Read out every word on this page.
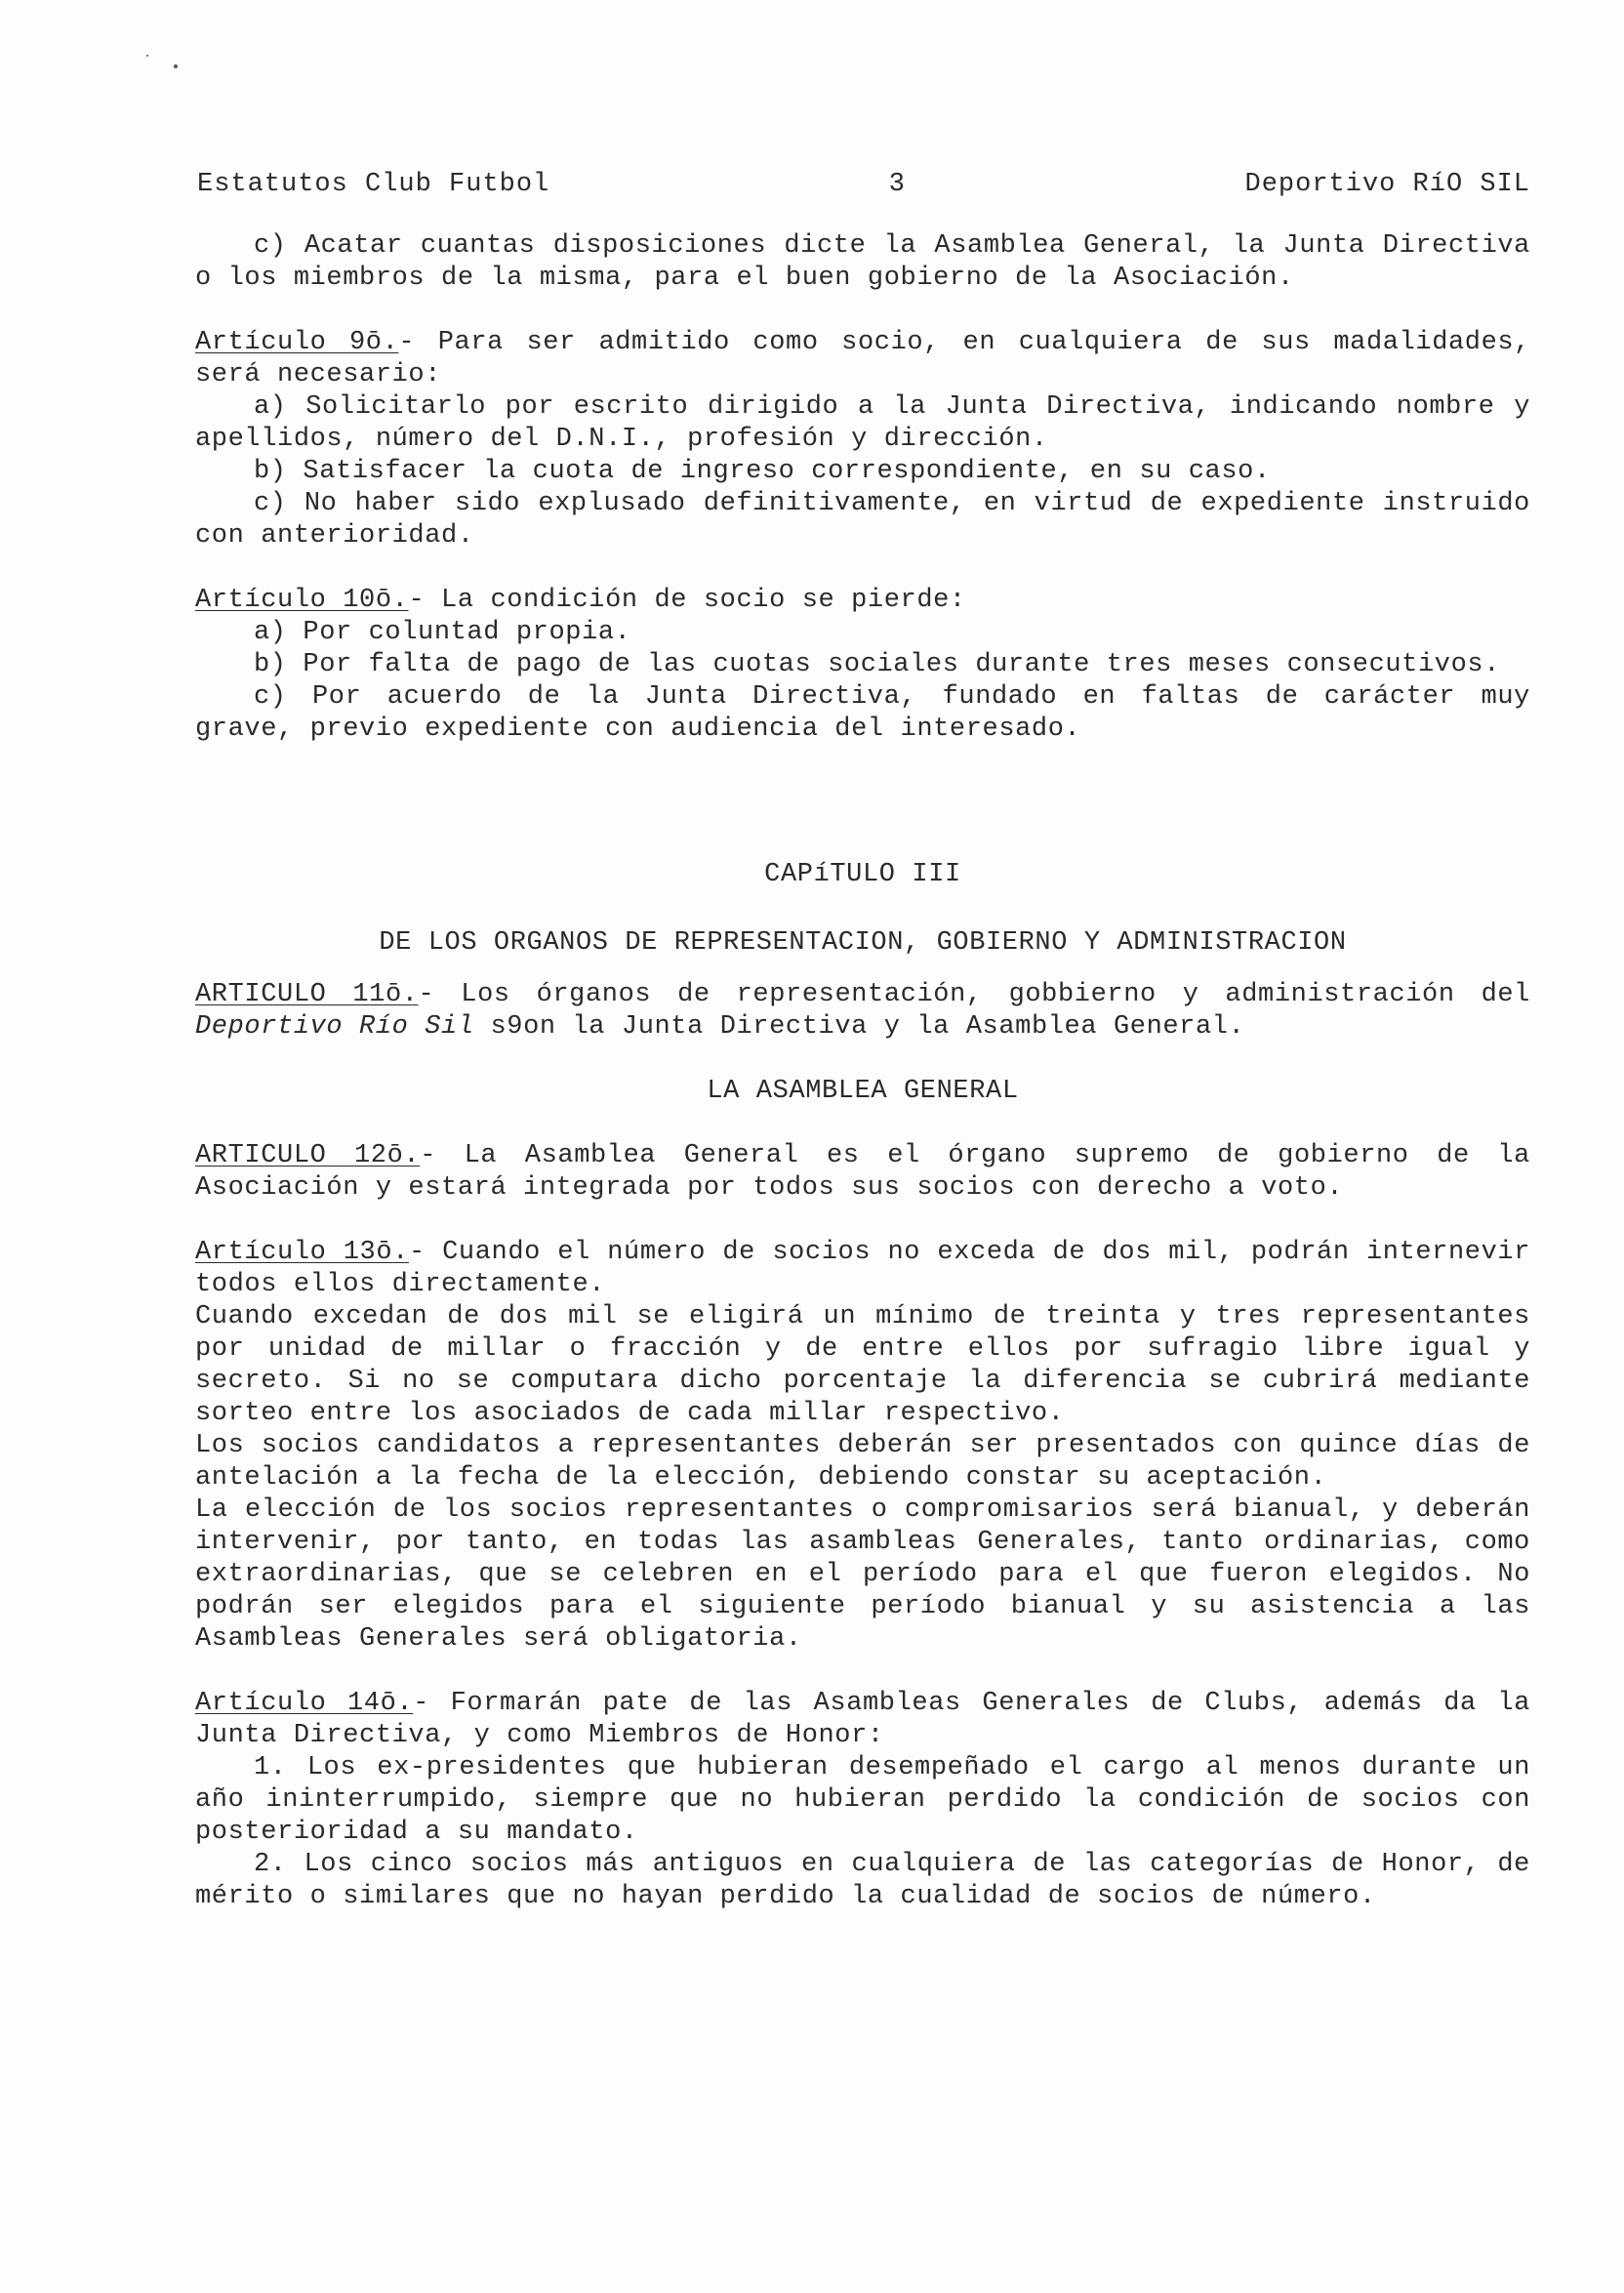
Estatutos Club Futbol	3	Deportivo RíO SIL

c) Acatar cuantas disposiciones dicte la Asamblea General, la Junta Directiva o los miembros de la misma, para el buen gobierno de la Asociación.

Artículo 9ō.- Para ser admitido como socio, en cualquiera de sus madalidades, será necesario:

a) Solicitarlo por escrito dirigido a la Junta Directiva, indicando nombre y apellidos, número del D.N.I., profesión y dirección.

b) Satisfacer la cuota de ingreso correspondiente, en su caso.

c) No haber sido explusado definitivamente, en virtud de expediente instruido con anterioridad.

Artículo 10ō.- La condición de socio se pierde:

a) Por coluntad propia.

b) Por falta de pago de las cuotas sociales durante tres meses consecutivos.

c) Por acuerdo de la Junta Directiva, fundado en faltas de carácter muy grave, previo expediente con audiencia del interesado.

CAPíTULO III

DE LOS ORGANOS DE REPRESENTACION, GOBIERNO Y ADMINISTRACION

ARTICULO 11ō.- Los órganos de representación, gobbierno y administración del Deportivo Río Sil s9on la Junta Directiva y la Asamblea General.

LA ASAMBLEA GENERAL

ARTICULO 12ō.- La Asamblea General es el órgano supremo de gobierno de la Asociación y estará integrada por todos sus socios con derecho a voto.

Artículo 13ō.- Cuando el número de socios no exceda de dos mil, podrán internevir todos ellos directamente.

Cuando excedan de dos mil se eligirá un mínimo de treinta y tres representantes por unidad de millar o fracción y de entre ellos por sufragio libre igual y secreto. Si no se computara dicho porcentaje la diferencia se cubrirá mediante sorteo entre los asociados de cada millar respectivo.

Los socios candidatos a representantes deberán ser presentados con quince días de antelación a la fecha de la elección, debiendo constar su aceptación.

La elección de los socios representantes o compromisarios será bianual, y deberán intervenir, por tanto, en todas las asambleas Generales, tanto ordinarias, como extraordinarias, que se celebren en el período para el que fueron elegidos. No podrán ser elegidos para el siguiente período bianual y su asistencia a las Asambleas Generales será obligatoria.

Artículo 14ō.- Formarán pate de las Asambleas Generales de Clubs, además da la Junta Directiva, y como Miembros de Honor:

1. Los ex-presidentes que hubieran desempeñado el cargo al menos durante un año ininterrumpido, siempre que no hubieran perdido la condición de socios con posterioridad a su mandato.

2. Los cinco socios más antiguos en cualquiera de las categorías de Honor, de mérito o similares que no hayan perdido la cualidad de socios de número.
